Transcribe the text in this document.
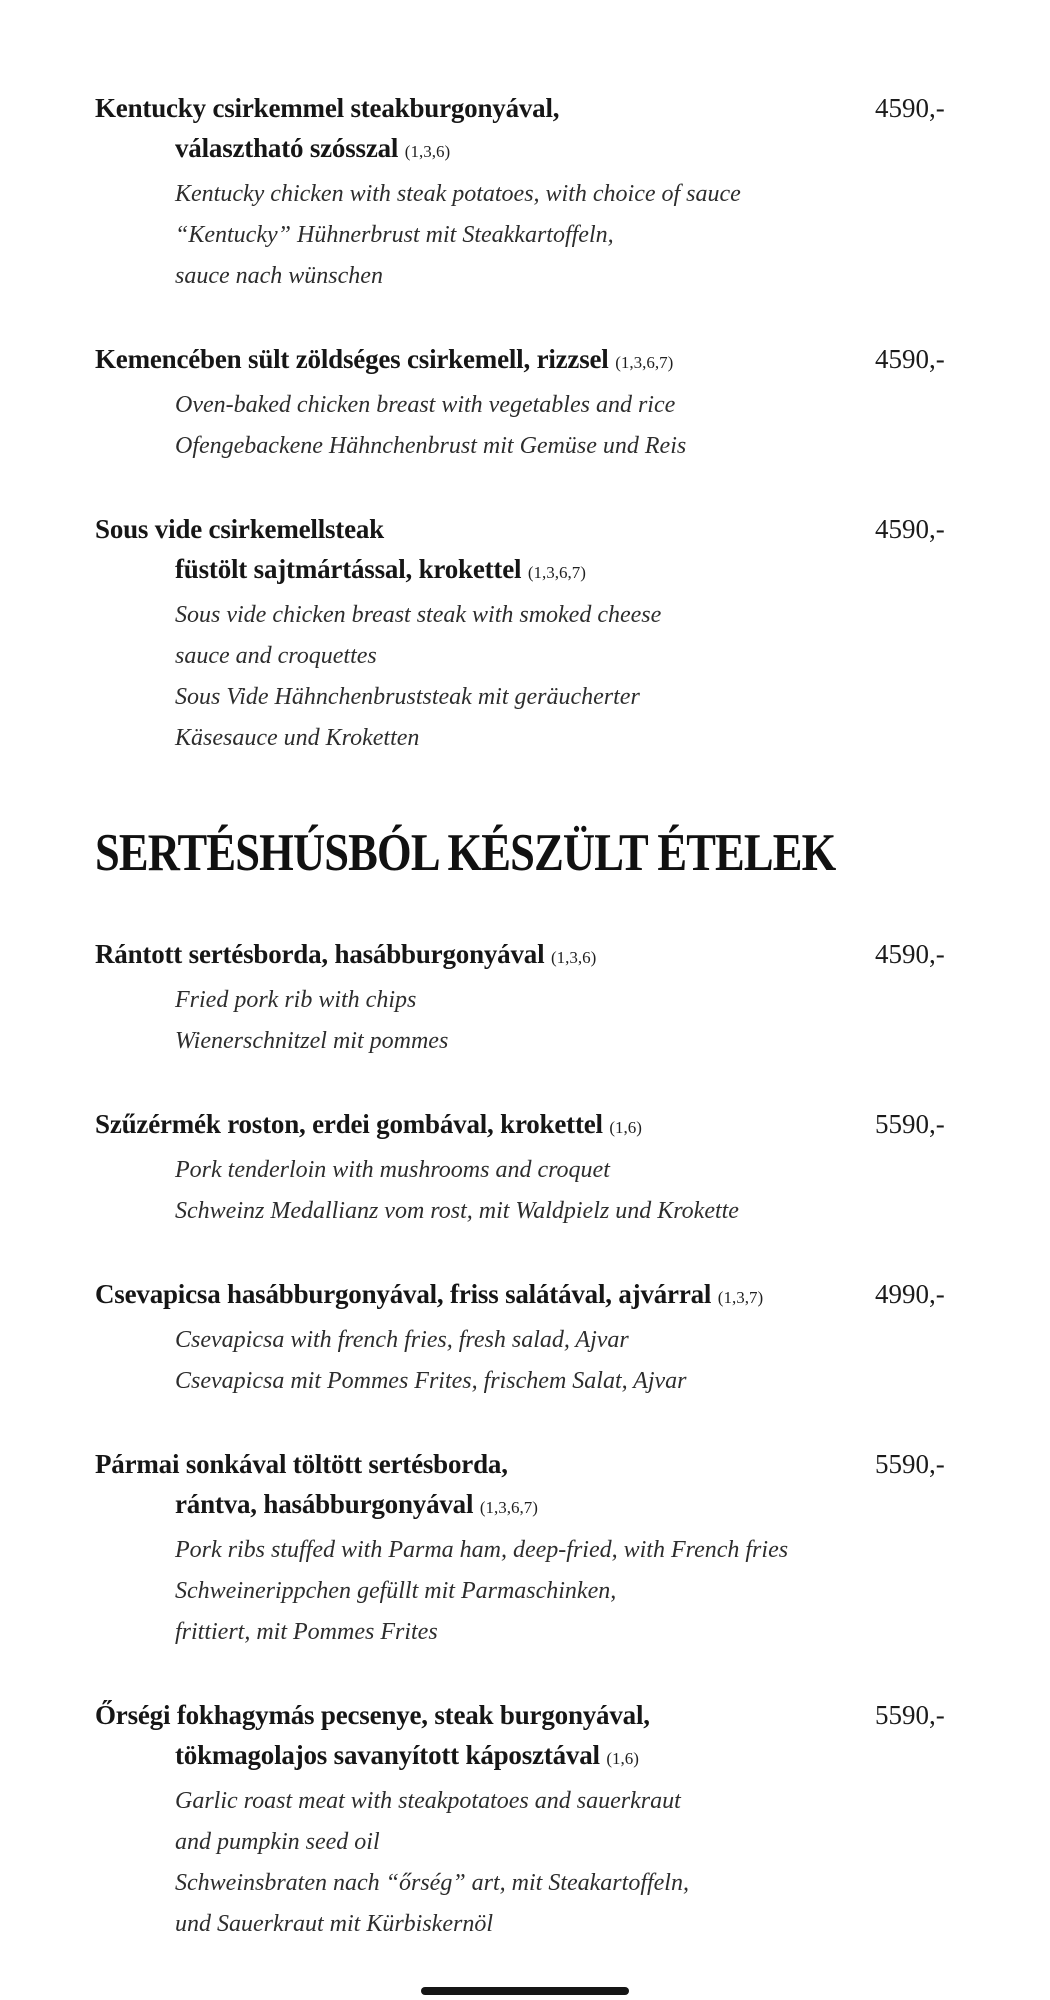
Kentucky csirkemmel steakburgonyával,
választható szósszal (1,3,6)
Kentucky chicken with steak potatoes, with choice of sauce
“Kentucky” Hühnerbrust mit Steakkartoffeln,
sauce nach wünschen
4590,-
Kemencében sült zöldséges csirkemell, rizzsel (1,3,6,7)
Oven-baked chicken breast with vegetables and rice
Ofengebackene Hähnchenbrust mit Gemüse und Reis
4590,-
Sous vide csirkemellsteak
füstölt sajtmártással, krokettel (1,3,6,7)
Sous vide chicken breast steak with smoked cheese
sauce and croquettes
Sous Vide Hähnchenbruststeak mit geräucherter
Käsesauce und Kroketten
4590,-
SERTÉSHÚSBÓL KÉSZÜLT ÉTELEK
Rántott sertésborda, hasábburgonyával (1,3,6)
Fried pork rib with chips
Wienerschnitzel mit pommes
4590,-
Szűzérmék roston, erdei gombával, krokettel (1,6)
Pork tenderloin with mushrooms and croquet
Schweinz Medallianz vom rost, mit Waldpielz und Krokette
5590,-
Csevapicsa hasábburgonyával, friss salátával, ajvárral (1,3,7)
Csevapicsa with french fries, fresh salad, Ajvar
Csevapicsa mit Pommes Frites, frischem Salat, Ajvar
4990,-
Pármai sonkával töltött sertésborda,
rántva, hasábburgonyával (1,3,6,7)
Pork ribs stuffed with Parma ham, deep-fried, with French fries
Schweinerippchen gefüllt mit Parmaschinken,
frittiert, mit Pommes Frites
5590,-
Őrségi fokhagymás pecsenye, steak burgonyával,
tökmagolajos savanyított káposztával (1,6)
Garlic roast meat with steakpotatoes and sauerkraut
and pumpkin seed oil
Schweinsbraten nach “őrség” art, mit Steakartoffeln,
und Sauerkraut mit Kürbiskernöl
5590,-
